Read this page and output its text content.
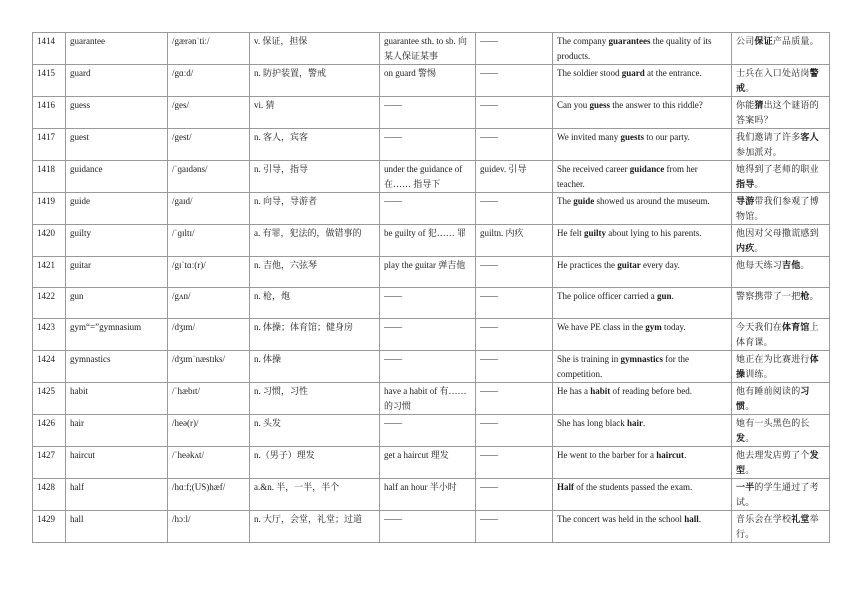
1414	guarantee	/gærənˈtiː/	v. 保证，担保	guarantee sth. to sb. 向某人保证某事	——	The company guarantees the quality of its products.	公司保证产品质量。
1415	guard	/gɑːd/	n. 防护装置，警戒	on guard 警惕	——	The soldier stood guard at the entrance.	士兵在入口处站岗警戒。
1416	guess	/ges/	vi. 猜	——	——	Can you guess the answer to this riddle?	你能猜出这个谜语的答案吗？
1417	guest	/gest/	n. 客人，宾客	——	——	We invited many guests to our party.	我们邀请了许多客人参加派对。
1418	guidance	/ˈɡaɪdəns/	n. 引导，指导	under the guidance of 在…… 指导下	guidev. 引导	She received career guidance from her teacher.	她得到了老师的职业指导。
1419	guide	/gaɪd/	n. 向导，导游者	——	——	The guide showed us around the museum.	导游带我们参观了博物馆。
1420	guilty	/ˈɡɪltɪ/	a. 有罪，犯法的，做错事的	be guilty of 犯…… 罪	guiltn. 内疚	He felt guilty about lying to his parents.	他因对父母撒谎感到内疚。
1421	guitar	/gɪˈtɑː(r)/	n. 吉他，六弦琴	play the guitar 弹吉他	——	He practices the guitar every day.	他每天练习吉他。
1422	gun	/gʌn/	n. 枪，炮	——	——	The police officer carried a gun.	警察携带了一把枪。
1423	gym“=”gymnasium	/dʒɪm/	n. 体操；体育馆；健身房	——	——	We have PE class in the gym today.	今天我们在体育馆上体育课。
1424	gymnastics	/dʒɪmˈnæstɪks/	n. 体操	——	——	She is training in gymnastics for the competition.	她正在为比赛进行体操训练。
1425	habit	/ˈhæbɪt/	n. 习惯，习性	have a habit of 有…… 的习惯	——	He has a habit of reading before bed.	他有睡前阅读的习惯。
1426	hair	/heə(r)/	n. 头发	——	——	She has long black hair.	她有一头黑色的长发。
1427	haircut	/ˈheəkʌt/	n.（男子）理发	get a haircut 理发	——	He went to the barber for a haircut.	他去理发店剪了个发型。
1428	half	/hɑːf;(US)hæf/	a.&n. 半，一半，半个	half an hour 半小时	——	Half of the students passed the exam.	一半的学生通过了考试。
1429	hall	/hɔːl/	n. 大厅，会堂，礼堂；过道	——	——	The concert was held in the school hall.	音乐会在学校礼堂举行。
